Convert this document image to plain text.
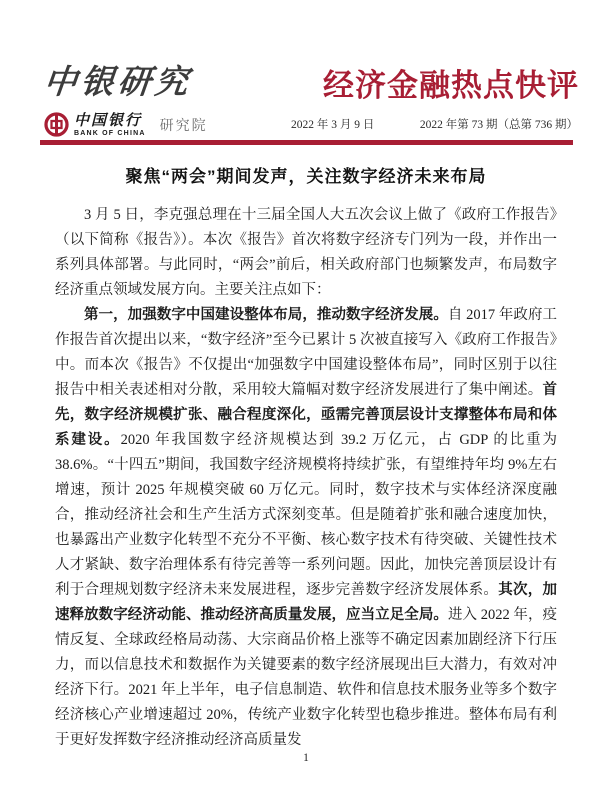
中银研究	经济金融热点快评
中国银行
BANK OF CHINA 研究院	2022 年 3 月 9 日	2022 年第 73 期（总第 736 期）
聚焦“两会”期间发声，关注数字经济未来布局

3 月 5 日，李克强总理在十三届全国人大五次会议上做了《政府工作报告》（以下简称《报告》）。本次《报告》首次将数字经济专门列为一段，并作出一系列具体部署。与此同时，“两会”前后，相关政府部门也频繁发声，布局数字经济重点领域发展方向。主要关注点如下：

第一，加强数字中国建设整体布局，推动数字经济发展。自 2017 年政府工作报告首次提出以来，“数字经济”至今已累计 5 次被直接写入《政府工作报告》中。而本次《报告》不仅提出“加强数字中国建设整体布局”，同时区别于以往报告中相关表述相对分散，采用较大篇幅对数字经济发展进行了集中阐述。首先，数字经济规模扩张、融合程度深化，亟需完善顶层设计支撑整体布局和体系建设。2020 年我国数字经济规模达到 39.2 万亿元，占 GDP 的比重为 38.6%。“十四五”期间，我国数字经济规模将持续扩张，有望维持年均 9%左右增速，预计 2025 年规模突破 60 万亿元。同时，数字技术与实体经济深度融合，推动经济社会和生产生活方式深刻变革。但是随着扩张和融合速度加快，也暴露出产业数字化转型不充分不平衡、核心数字技术有待突破、关键性技术人才紧缺、数字治理体系有待完善等一系列问题。因此，加快完善顶层设计有利于合理规划数字经济未来发展进程，逐步完善数字经济发展体系。其次，加速释放数字经济动能、推动经济高质量发展，应当立足全局。进入 2022 年，疫情反复、全球政经格局动荡、大宗商品价格上涨等不确定因素加剧经济下行压力，而以信息技术和数据作为关键要素的数字经济展现出巨大潜力，有效对冲经济下行。2021 年上半年，电子信息制造、软件和信息技术服务业等多个数字经济核心产业增速超过 20%，传统产业数字化转型也稳步推进。整体布局有利于更好发挥数字经济推动经济高质量发

1
